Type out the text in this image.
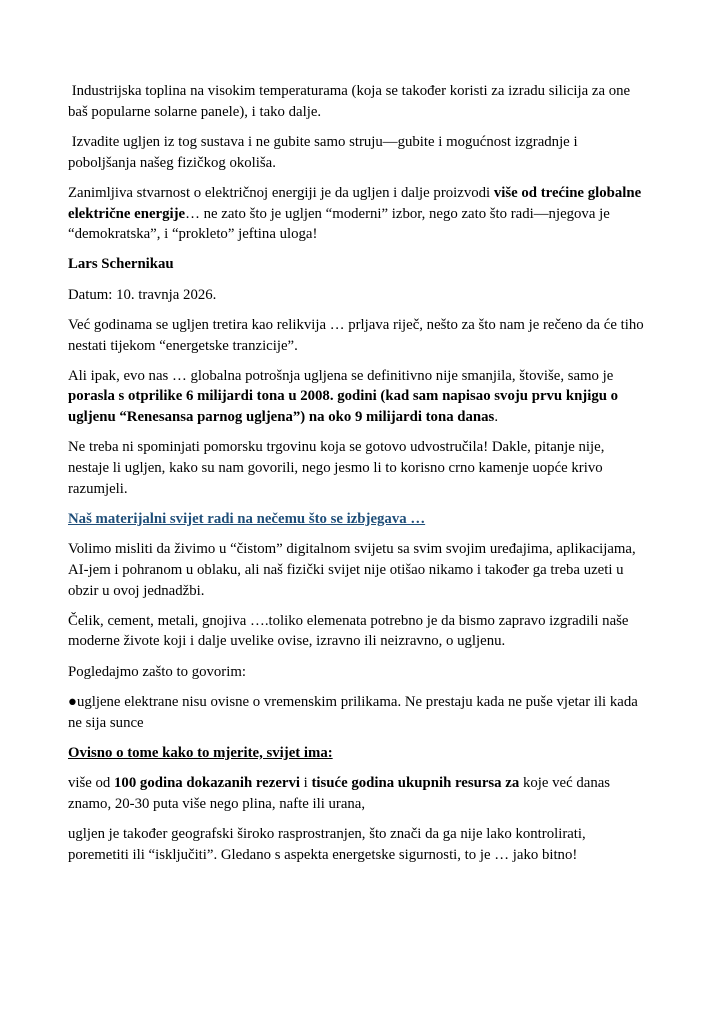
Industrijska toplina na visokim temperaturama (koja se također koristi za izradu silicija za one baš popularne solarne panele), i tako dalje.

Izvadite ugljen iz tog sustava i ne gubite samo struju—gubite i mogućnost izgradnje i poboljšanja našeg fizičkog okoliša.

Zanimljiva stvarnost o električnoj energiji je da ugljen i dalje proizvodi više od trećine globalne električne energije… ne zato što je ugljen “moderni” izbor, nego zato što radi—njegova je “demokratska”, i “prokleto” jeftina uloga!

Lars Schernikau

Datum: 10. travnja 2026.

Već godinama se ugljen tretira kao relikvija … prljava riječ, nešto za što nam je rečeno da će tiho nestati tijekom “energetske tranzicije”.

Ali ipak, evo nas … globalna potrošnja ugljena se definitivno nije smanjila, štoviše, samo je porasla s otprilike 6 milijardi tona u 2008. godini (kad sam napisao svoju prvu knjigu o ugljenu “Renesansa parnog ugljena”) na oko 9 milijardi tona danas.

Ne treba ni spominjati pomorsku trgovinu koja se gotovo udvostručila! Dakle, pitanje nije, nestaje li ugljen, kako su nam govorili, nego jesmo li to korisno crno kamenje uopće krivo razumjeli.

Naš materijalni svijet radi na nečemu što se izbjegava …

Volimo misliti da živimo u “čistom” digitalnom svijetu sa svim svojim uređajima, aplikacijama, AI-jem i pohranom u oblaku, ali naš fizički svijet nije otišao nikamo i također ga treba uzeti u obzir u ovoj jednadžbi.

Čelik, cement, metali, gnojiva ….toliko elemenata potrebno je da bismo zapravo izgradili naše moderne živote koji i dalje uvelike ovise, izravno ili neizravno, o ugljenu.

Pogledajmo zašto to govorim:

●ugljene elektrane nisu ovisne o vremenskim prilikama. Ne prestaju kada ne puše vjetar ili kada ne sija sunce

Ovisno o tome kako to mjerite, svijet ima:

više od 100 godina dokazanih rezervi i tisuće godina ukupnih resursa za koje već danas znamo, 20-30 puta više nego plina, nafte ili urana,

ugljen je također geografski široko rasprostranjen, što znači da ga nije lako kontrolirati, poremetiti ili “isključiti”. Gledano s aspekta energetske sigurnosti, to je … jako bitno!
